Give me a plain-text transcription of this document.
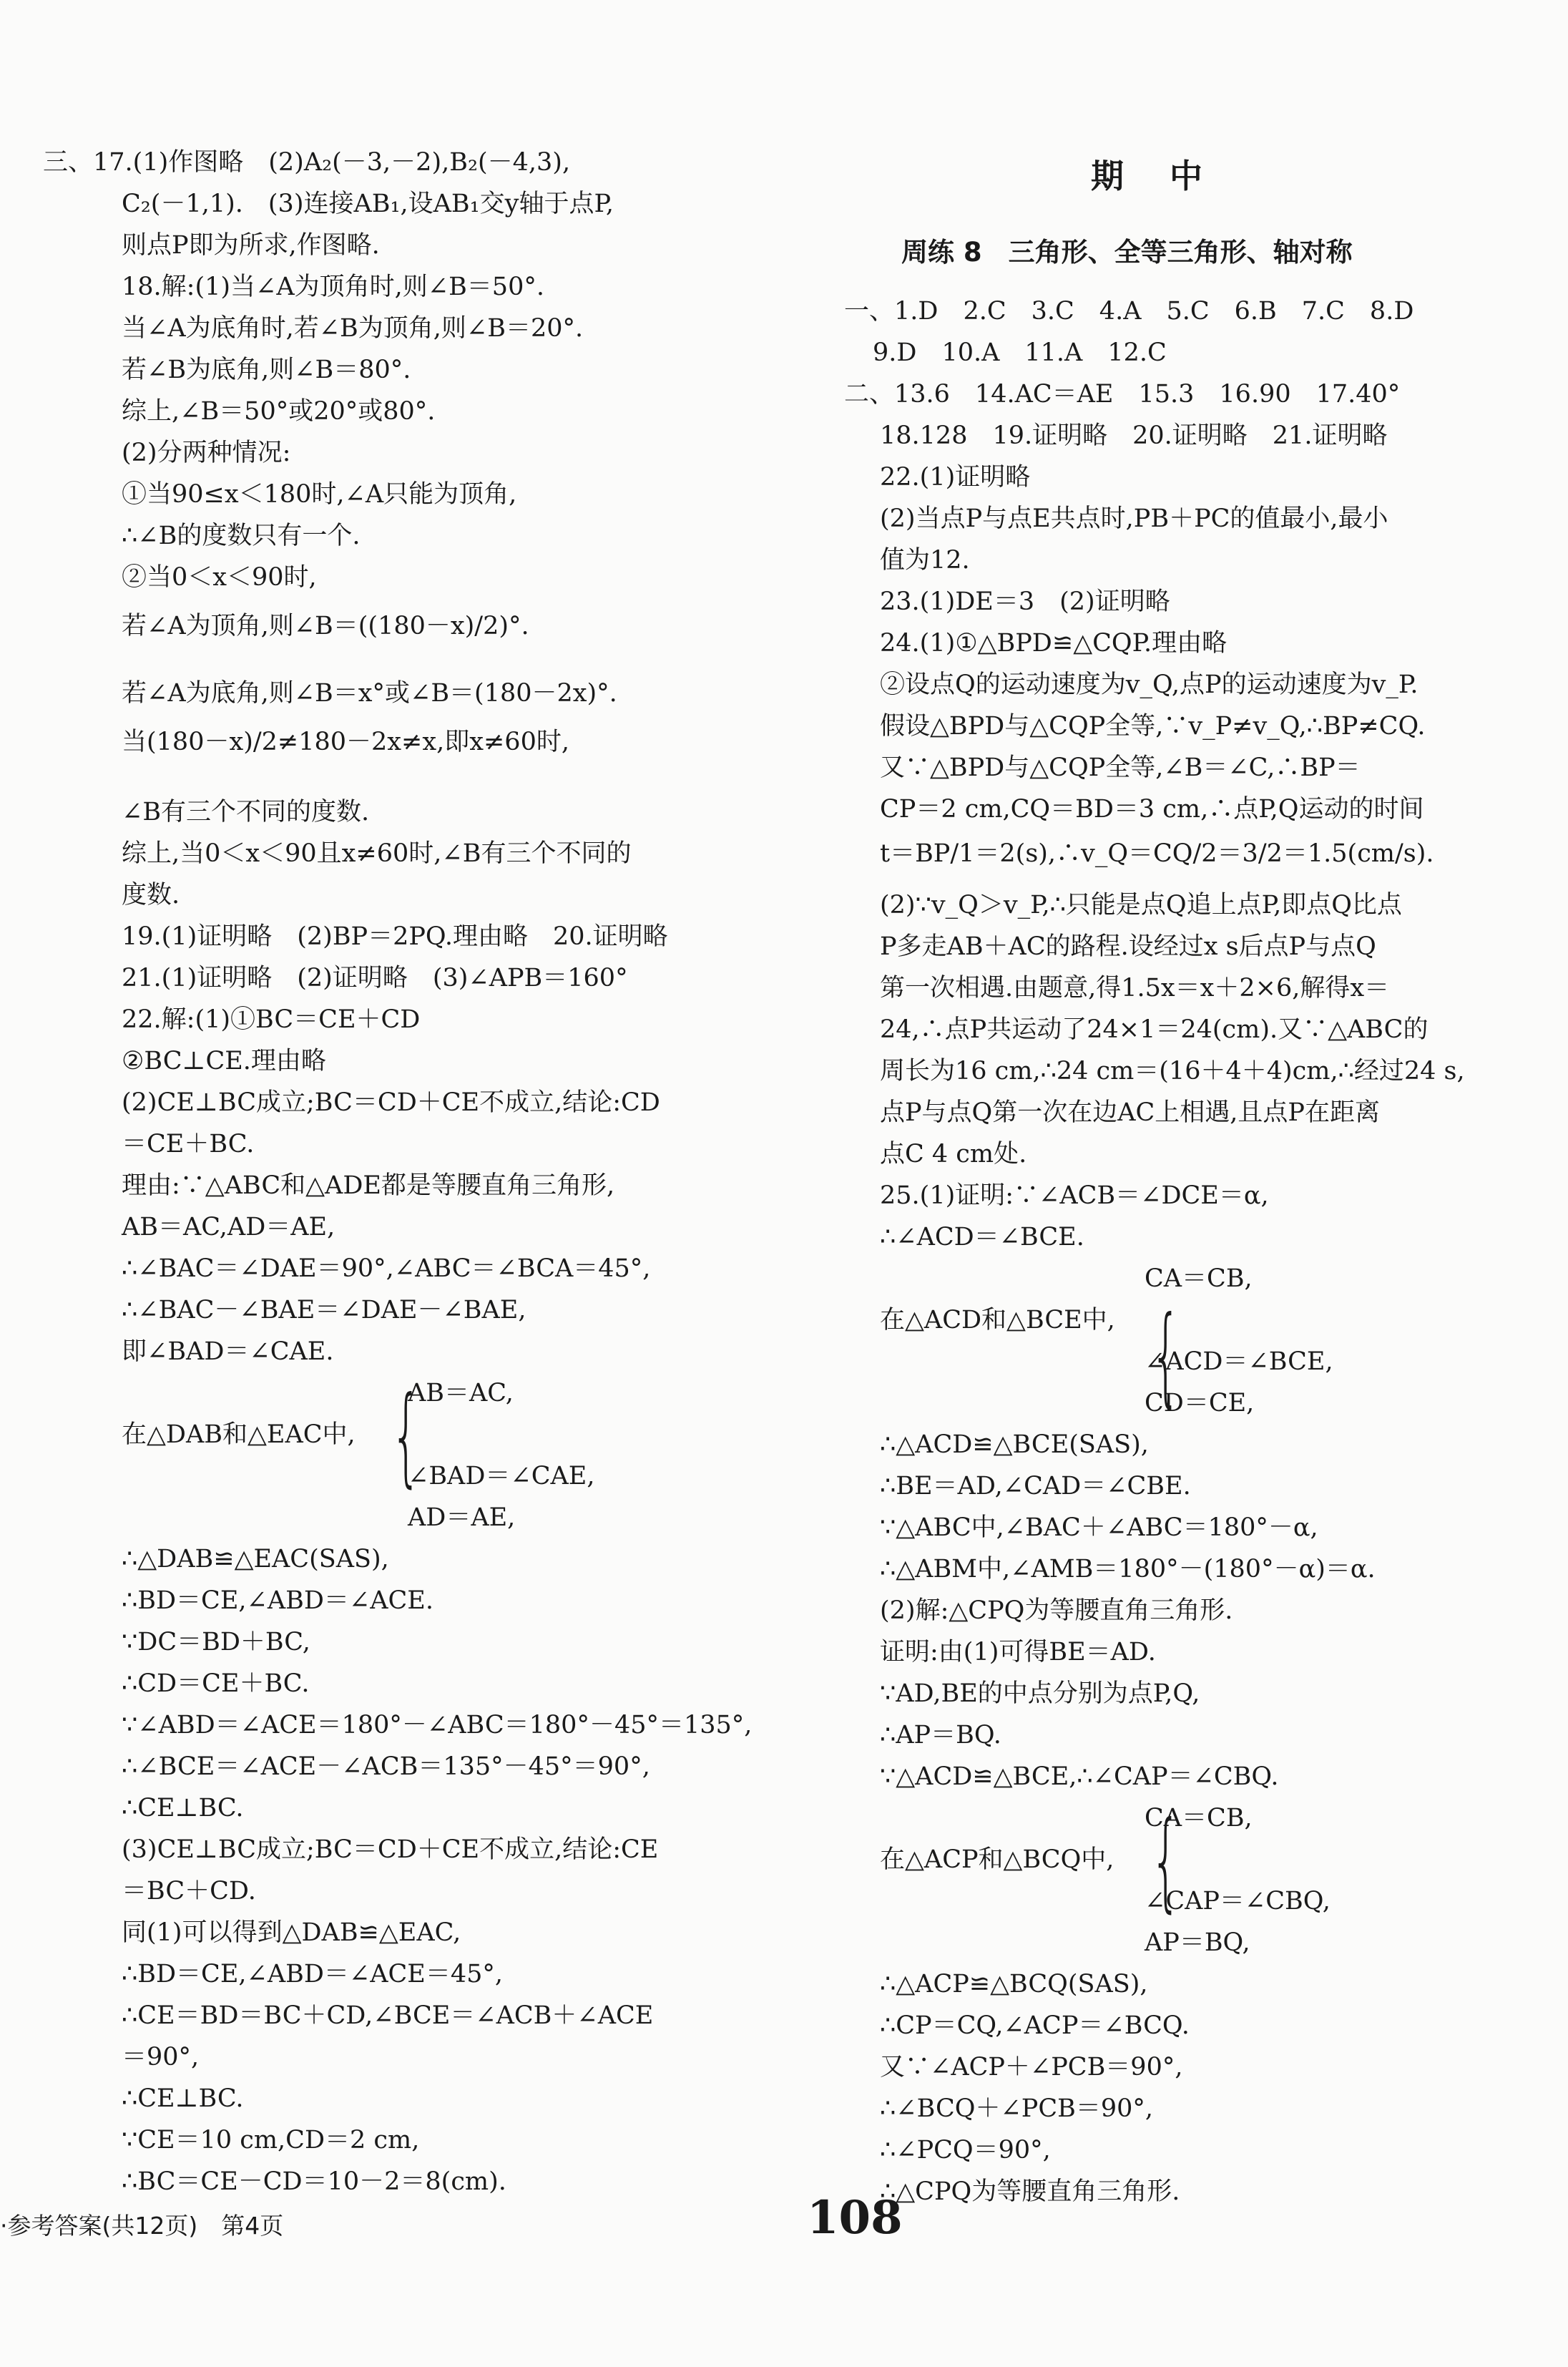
期 中
周练 8　三角形、全等三角形、轴对称
三、17.(1)作图略　(2)A₂(－3,－2),B₂(－4,3),
C₂(－1,1).　(3)连接AB₁,设AB₁交y轴于点P,
则点P即为所求,作图略.
18.解:(1)当∠A为顶角时,则∠B＝50°.
当∠A为底角时,若∠B为顶角,则∠B＝20°.
若∠B为底角,则∠B＝80°.
综上,∠B＝50°或20°或80°.
(2)分两种情况:
①当90≤x＜180时,∠A只能为顶角,
∴∠B的度数只有一个.
②当0＜x＜90时,
若∠A为顶角,则∠B＝((180－x)/2)°.
若∠A为底角,则∠B＝x°或∠B＝(180－2x)°.
当(180－x)/2≠180－2x≠x,即x≠60时,
∠B有三个不同的度数.
综上,当0＜x＜90且x≠60时,∠B有三个不同的
度数.
19.(1)证明略　(2)BP＝2PQ.理由略　20.证明略
21.(1)证明略　(2)证明略　(3)∠APB＝160°
22.解:(1)①BC＝CE＋CD
②BC⊥CE.理由略
(2)CE⊥BC成立;BC＝CD＋CE不成立,结论:CD
＝CE＋BC.
理由:∵△ABC和△ADE都是等腰直角三角形,
AB＝AC,AD＝AE,
∴∠BAC＝∠DAE＝90°,∠ABC＝∠BCA＝45°,
∴∠BAC－∠BAE＝∠DAE－∠BAE,
即∠BAD＝∠CAE.
AB＝AC,
在△DAB和△EAC中,
∠BAD＝∠CAE,
AD＝AE,
∴△DAB≌△EAC(SAS),
∴BD＝CE,∠ABD＝∠ACE.
∵DC＝BD＋BC,
∴CD＝CE＋BC.
∵∠ABD＝∠ACE＝180°－∠ABC＝180°－45°＝135°,
∴∠BCE＝∠ACE－∠ACB＝135°－45°＝90°,
∴CE⊥BC.
(3)CE⊥BC成立;BC＝CD＋CE不成立,结论:CE
＝BC＋CD.
同(1)可以得到△DAB≌△EAC,
∴BD＝CE,∠ABD＝∠ACE＝45°,
∴CE＝BD＝BC＋CD,∠BCE＝∠ACB＋∠ACE
＝90°,
∴CE⊥BC.
∵CE＝10 cm,CD＝2 cm,
∴BC＝CE－CD＝10－2＝8(cm).
一、1.D　2.C　3.C　4.A　5.C　6.B　7.C　8.D
9.D　10.A　11.A　12.C
二、13.6　14.AC＝AE　15.3　16.90　17.40°
18.128　19.证明略　20.证明略　21.证明略
22.(1)证明略
(2)当点P与点E共点时,PB＋PC的值最小,最小
值为12.
23.(1)DE＝3　(2)证明略
24.(1)①△BPD≌△CQP.理由略
②设点Q的运动速度为v_Q,点P的运动速度为v_P.
假设△BPD与△CQP全等,∵v_P≠v_Q,∴BP≠CQ.
又∵△BPD与△CQP全等,∠B＝∠C,∴BP＝
CP＝2 cm,CQ＝BD＝3 cm,∴点P,Q运动的时间
t＝BP/1＝2(s),∴v_Q＝CQ/2＝3/2＝1.5(cm/s).
(2)∵v_Q＞v_P,∴只能是点Q追上点P,即点Q比点
P多走AB＋AC的路程.设经过x s后点P与点Q
第一次相遇.由题意,得1.5x＝x＋2×6,解得x＝
24,∴点P共运动了24×1＝24(cm).又∵△ABC的
周长为16 cm,∴24 cm＝(16＋4＋4)cm,∴经过24 s,
点P与点Q第一次在边AC上相遇,且点P在距离
点C 4 cm处.
25.(1)证明:∵∠ACB＝∠DCE＝α,
∴∠ACD＝∠BCE.
CA＝CB,
在△ACD和△BCE中,
∠ACD＝∠BCE,
CD＝CE,
∴△ACD≌△BCE(SAS),
∴BE＝AD,∠CAD＝∠CBE.
∵△ABC中,∠BAC＋∠ABC＝180°－α,
∴△ABM中,∠AMB＝180°－(180°－α)＝α.
(2)解:△CPQ为等腰直角三角形.
证明:由(1)可得BE＝AD.
∵AD,BE的中点分别为点P,Q,
∴AP＝BQ.
∵△ACD≌△BCE,∴∠CAP＝∠CBQ.
CA＝CB,
在△ACP和△BCQ中,
∠CAP＝∠CBQ,
AP＝BQ,
∴△ACP≌△BCQ(SAS),
∴CP＝CQ,∠ACP＝∠BCQ.
又∵∠ACP＋∠PCB＝90°,
∴∠BCQ＋∠PCB＝90°,
∴∠PCQ＝90°,
∴△CPQ为等腰直角三角形.
{
{
{
·参考答案(共12页)　第4页	108
